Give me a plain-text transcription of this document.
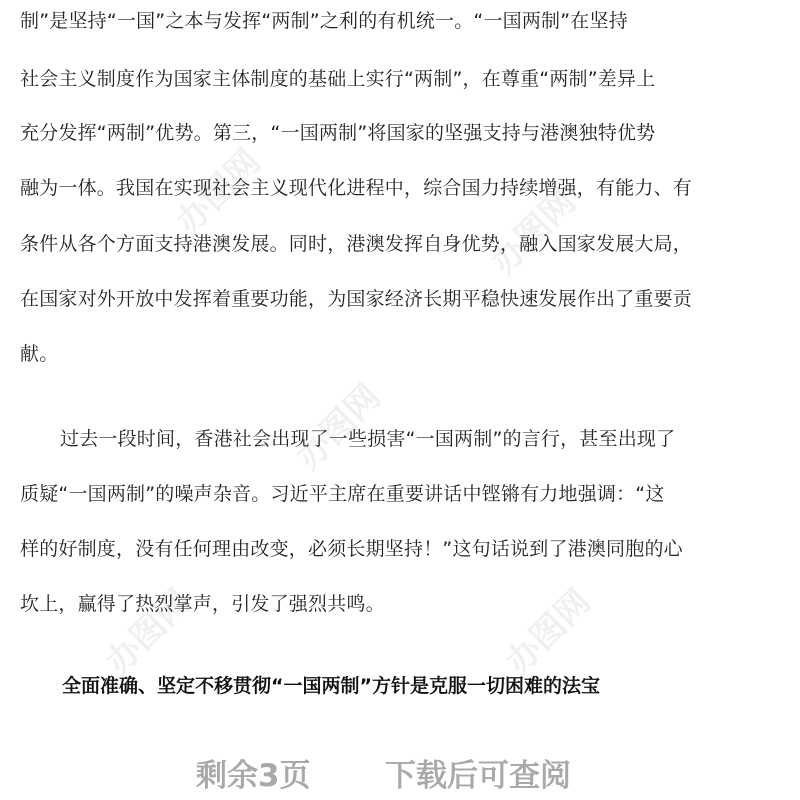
办图网	办图网
办图网
办图网	办图网
制”是坚持“一国”之本与发挥“两制”之利的有机统一。“一国两制”在坚持
社会主义制度作为国家主体制度的基础上实行“两制”，在尊重“两制”差异上
充分发挥“两制”优势。第三，“一国两制”将国家的坚强支持与港澳独特优势
融为一体。我国在实现社会主义现代化进程中，综合国力持续增强，有能力、有
条件从各个方面支持港澳发展。同时，港澳发挥自身优势，融入国家发展大局，
在国家对外开放中发挥着重要功能，为国家经济长期平稳快速发展作出了重要贡
献。
过去一段时间，香港社会出现了一些损害“一国两制”的言行，甚至出现了
质疑“一国两制”的噪声杂音。习近平主席在重要讲话中铿锵有力地强调：“这
样的好制度，没有任何理由改变，必须长期坚持！”这句话说到了港澳同胞的心
坎上，赢得了热烈掌声，引发了强烈共鸣。
全面准确、坚定不移贯彻“一国两制”方针是克服一切困难的法宝
剩余3页 下载后可查阅
